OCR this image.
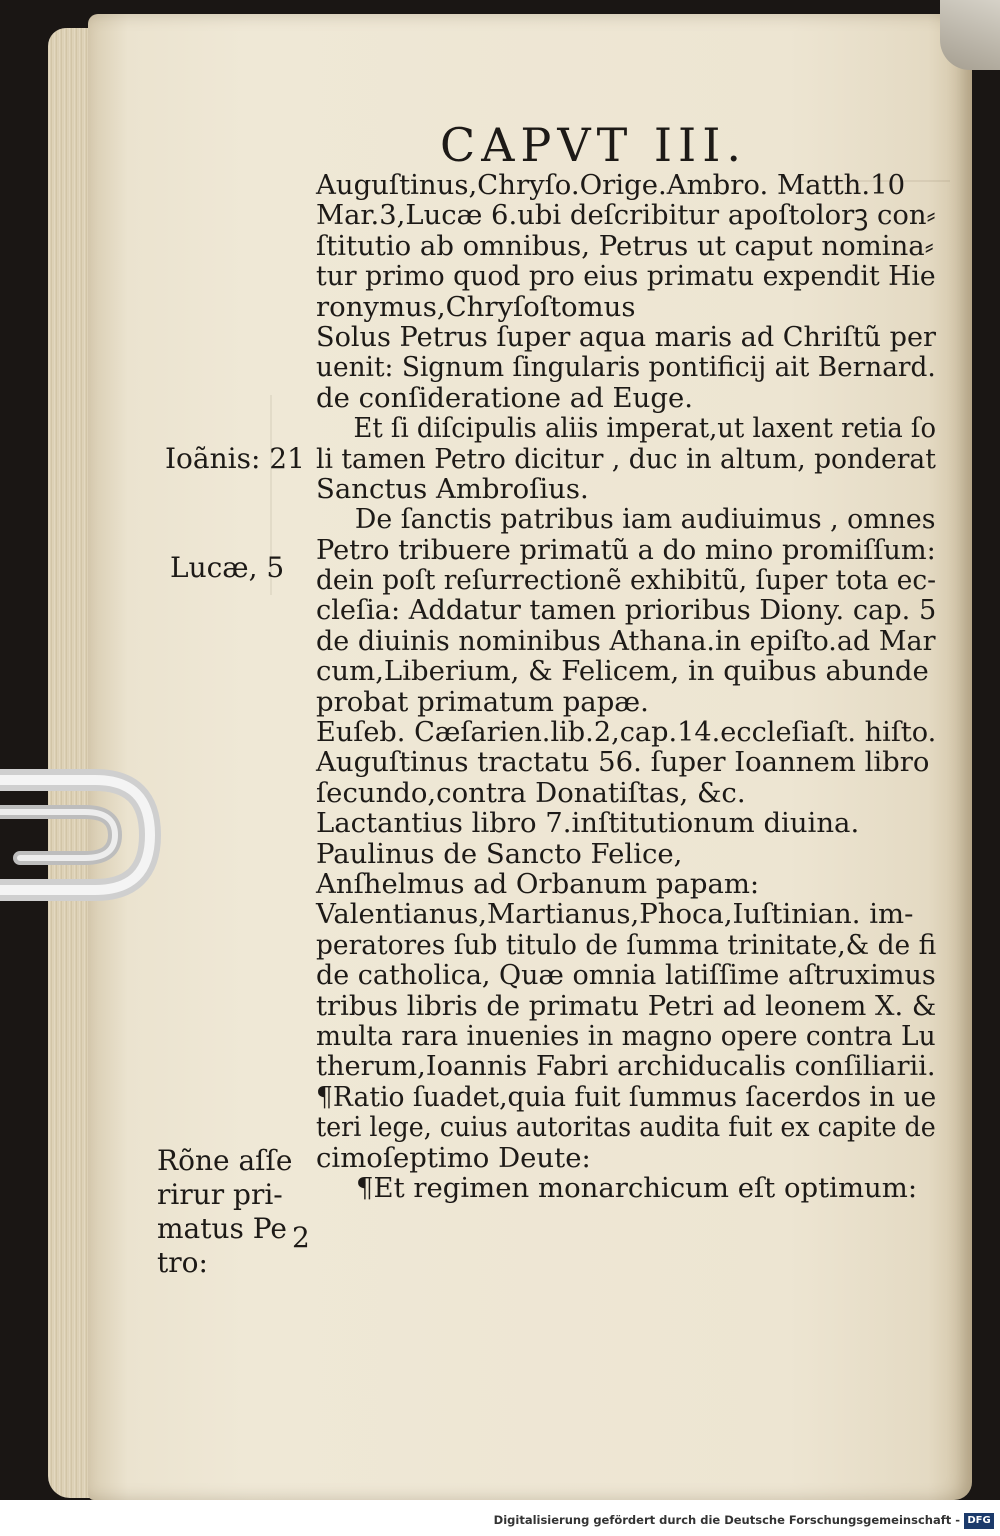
CAPVT III.
Auguſtinus,Chryſo.Orige.Ambro. Matth.10
Mar.3,Lucæ 6.ubi deſcribitur apoſtolorꝫ con⸗
ſtitutio ab omnibus, Petrus ut caput nomina⸗
tur primo quod pro eius primatu expendit Hie
ronymus,Chryſoſtomus
Solus Petrus ſuper aqua maris ad Chriſtũ per
uenit: Signum ſingularis pontificij ait Bernard.
de conſideratione ad Euge.
Et ſi diſcipulis aliis imperat,ut laxent retia ſo
li tamen Petro dicitur , duc in altum, ponderat
Sanctus Ambroſius.
De ſanctis patribus iam audiuimus , omnes
Petro tribuere primatũ a do mino promiſſum:
dein poſt reſurrectionẽ exhibitũ, ſuper tota ec-
cleſia: Addatur tamen prioribus Diony. cap. 5
de diuinis nominibus Athana.in epiſto.ad Mar
cum,Liberium, & Felicem, in quibus abunde
probat primatum papæ.
Euſeb. Cæſarien.lib.2,cap.14.eccleſiaſt. hiſto.
Auguſtinus tractatu 56. ſuper Ioannem libro
ſecundo,contra Donatiſtas, &c.
Lactantius libro 7.inſtitutionum diuina.
Paulinus de Sancto Felice,
Anſhelmus ad Orbanum papam:
Valentianus,Martianus,Phoca,Iuſtinian. im-
peratores ſub titulo de ſumma trinitate,& de fi
de catholica, Quæ omnia latiſſime aſtruximus
tribus libris de primatu Petri ad leonem X. &
multa rara inuenies in magno opere contra Lu
therum,Ioannis Fabri archiducalis conſiliarii.
¶Ratio ſuadet,quia fuit ſummus ſacerdos in ue
teri lege, cuius autoritas audita fuit ex capite de
cimoſeptimo Deute:
¶Et regimen monarchicum eſt optimum:
Ioãnis: 21
Lucæ, 5
Rõne aſſe
rirur pri-
matus Pe
tro:
2
Digitalisierung gefördert durch die Deutsche Forschungsgemeinschaft - DFG
